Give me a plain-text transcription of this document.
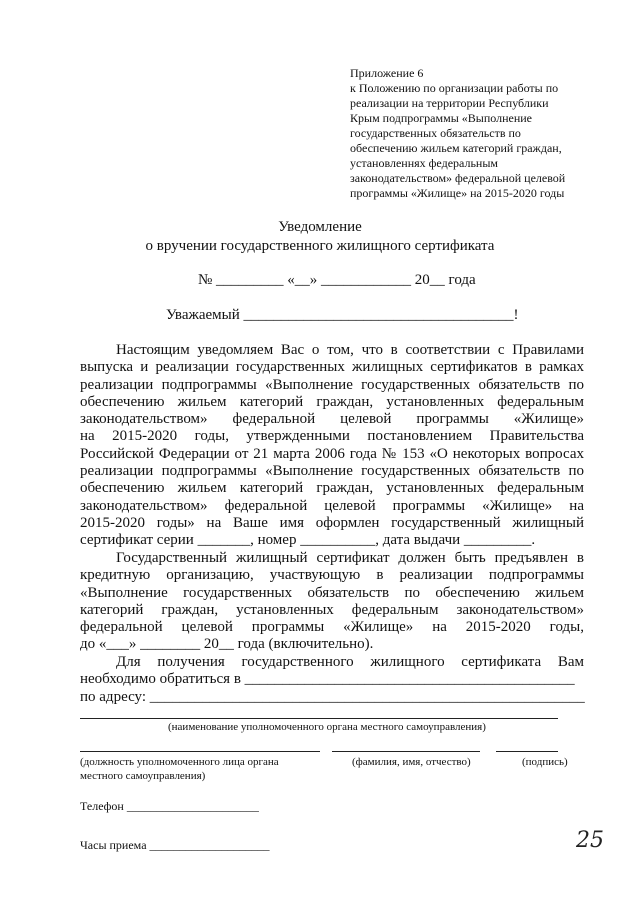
Приложение 6
к Положению по организации работы по
реализации на территории Республики
Крым подпрограммы «Выполнение
государственных обязательств по
обеспечению жильем категорий граждан,
установленнях федеральным
законодательством» федеральной целевой
программы «Жилище» на 2015-2020 годы
Уведомление
о вручении государственного жилищного сертификата
№ _________ «__» ____________ 20__ года
Уважаемый ____________________________________!
Настоящим уведомляем Вас о том, что в соответствии с Правилами
выпуска и реализации государственных жилищных сертификатов в рамках
реализации подпрограммы «Выполнение государственных обязательств по
обеспечению жильем категорий граждан, установленных федеральным
законодательством» федеральной целевой программы «Жилище»
на 2015-2020 годы, утвержденными постановлением Правительства
Российской Федерации от 21 марта 2006 года № 153 «О некоторых вопросах
реализации подпрограммы «Выполнение государственных обязательств по
обеспечению жильем категорий граждан, установленных федеральным
законодательством» федеральной целевой программы «Жилище» на
2015-2020 годы» на Ваше имя оформлен государственный жилищный
сертификат серии _______, номер __________, дата выдачи _________.
Государственный жилищный сертификат должен быть предъявлен в
кредитную организацию, участвующую в реализации подпрограммы
«Выполнение государственных обязательств по обеспечению жильем
категорий граждан, установленных федеральным законодательством»
федеральной целевой программы «Жилище» на 2015-2020 годы,
до «___» ________ 20__ года (включительно).
Для получения государственного жилищного сертификата Вам
необходимо обратиться в ____________________________________________
по адресу: __________________________________________________________
(наименование уполномоченного органа местного самоуправления)
(должность уполномоченного лица органа
местного самоуправления)
(фамилия, имя, отчество)	(подпись)
Телефон ______________________
Часы приема ____________________	25
